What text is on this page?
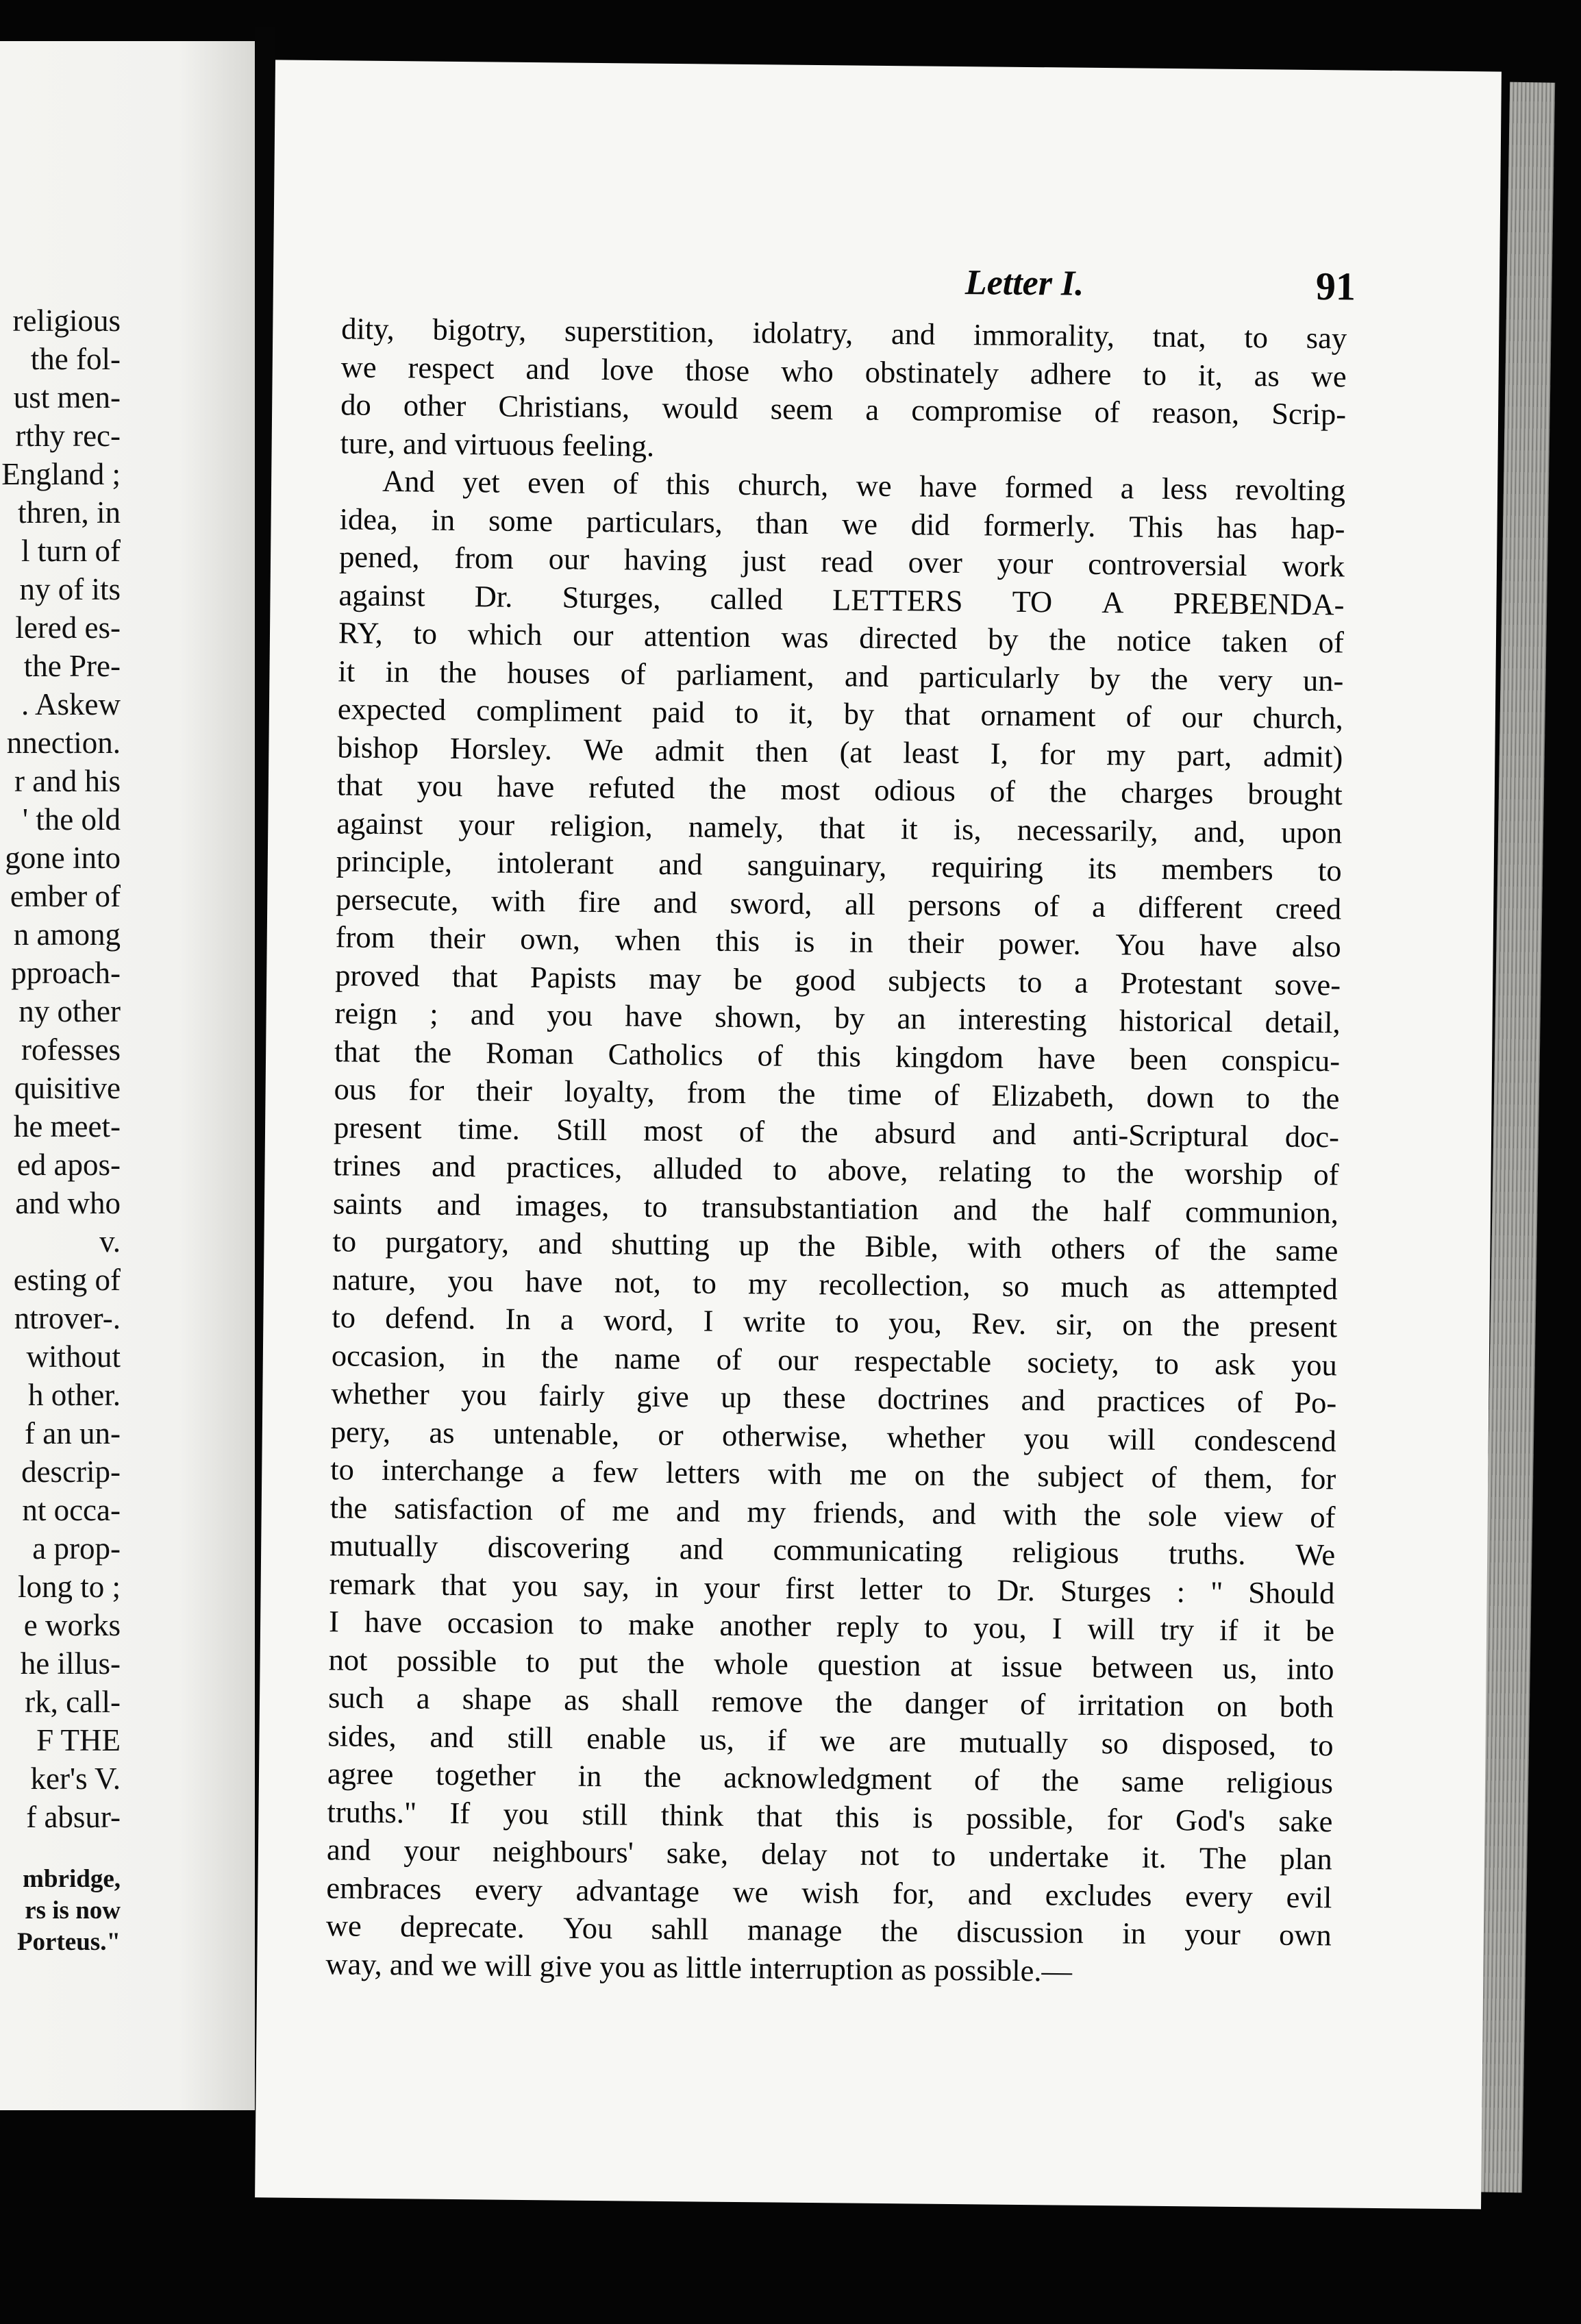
religious
the fol-
ust men-
rthy rec-
England ;
thren, in
l turn of
ny of its
lered es-
the Pre-
. Askew
nnection.
r and his
' the old
gone into
ember of
n among
pproach-
ny other
rofesses
quisitive
he meet-
ed apos-
and who
v.
esting of
ntrover-.
without
h other.
f an un-
descrip-
nt occa-
a prop-
long to ;
e works
he illus-
rk, call-
F THE
ker's V.
f absur-
mbridge,
rs is now
Porteus."
Letter I.	91
dity, bigotry, superstition, idolatry, and immorality, tnat, to say
we respect and love those who obstinately adhere to it, as we
do other Christians, would seem a compromise of reason, Scrip-
ture, and virtuous feeling.
And yet even of this church, we have formed a less revolting
idea, in some particulars, than we did formerly. This has hap-
pened, from our having just read over your controversial work
against Dr. Sturges, called LETTERS TO A PREBENDA-
RY, to which our attention was directed by the notice taken of
it in the houses of parliament, and particularly by the very un-
expected compliment paid to it, by that ornament of our church,
bishop Horsley. We admit then (at least I, for my part, admit)
that you have refuted the most odious of the charges brought
against your religion, namely, that it is, necessarily, and, upon
principle, intolerant and sanguinary, requiring its members to
persecute, with fire and sword, all persons of a different creed
from their own, when this is in their power. You have also
proved that Papists may be good subjects to a Protestant sove-
reign ; and you have shown, by an interesting historical detail,
that the Roman Catholics of this kingdom have been conspicu-
ous for their loyalty, from the time of Elizabeth, down to the
present time. Still most of the absurd and anti-Scriptural doc-
trines and practices, alluded to above, relating to the worship of
saints and images, to transubstantiation and the half communion,
to purgatory, and shutting up the Bible, with others of the same
nature, you have not, to my recollection, so much as attempted
to defend. In a word, I write to you, Rev. sir, on the present
occasion, in the name of our respectable society, to ask you
whether you fairly give up these doctrines and practices of Po-
pery, as untenable, or otherwise, whether you will condescend
to interchange a few letters with me on the subject of them, for
the satisfaction of me and my friends, and with the sole view of
mutually discovering and communicating religious truths. We
remark that you say, in your first letter to Dr. Sturges : " Should
I have occasion to make another reply to you, I will try if it be
not possible to put the whole question at issue between us, into
such a shape as shall remove the danger of irritation on both
sides, and still enable us, if we are mutually so disposed, to
agree together in the acknowledgment of the same religious
truths." If you still think that this is possible, for God's sake
and your neighbours' sake, delay not to undertake it. The plan
embraces every advantage we wish for, and excludes every evil
we deprecate. You sahll manage the discussion in your own
way, and we will give you as little interruption as possible.—
